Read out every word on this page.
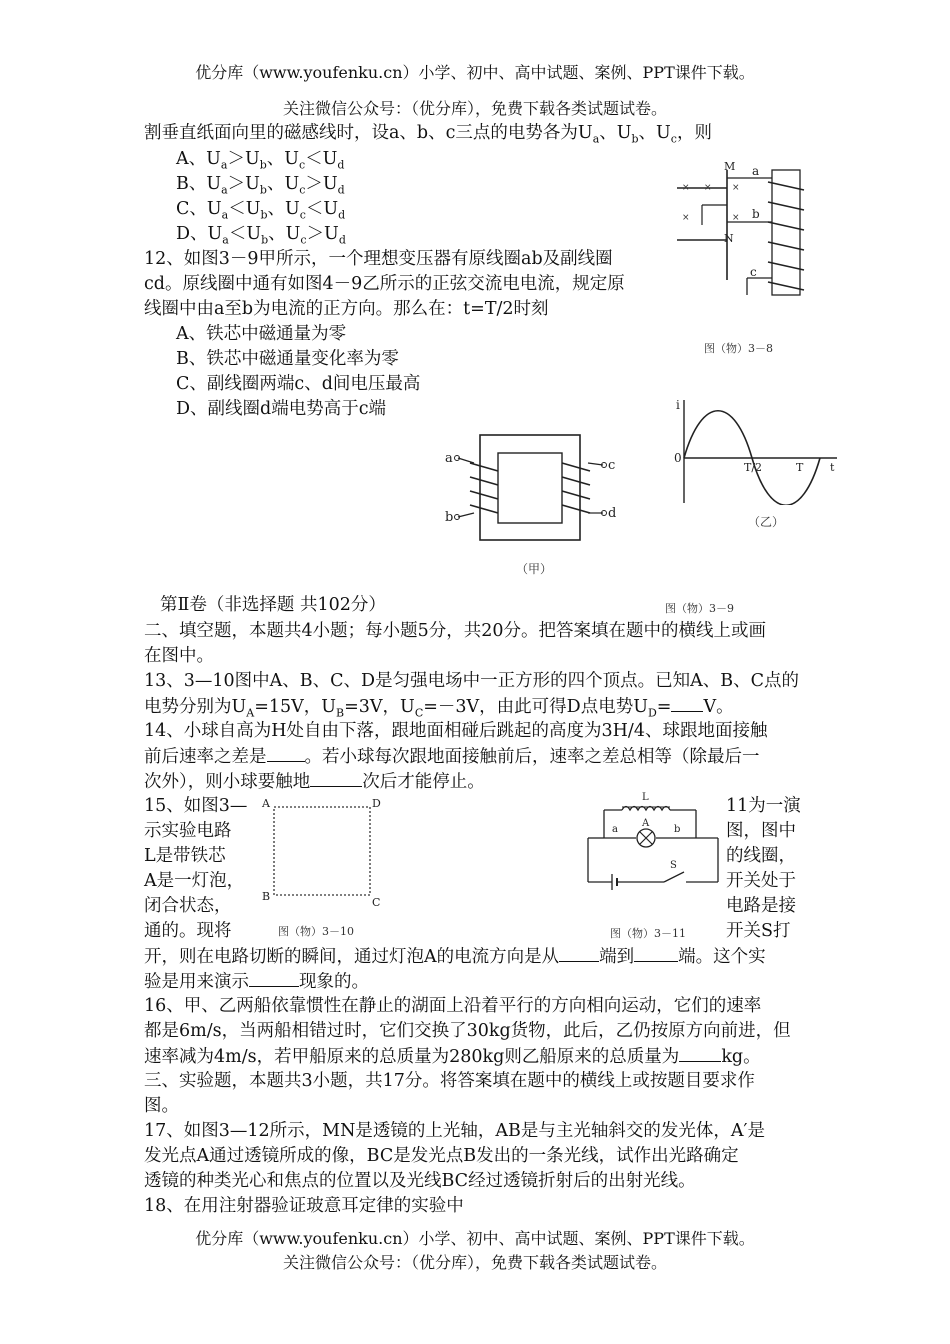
优分库（www.youfenku.cn）小学、初中、高中试题、案例、PPT课件下载。
关注微信公众号：（优分库），免费下载各类试题试卷。
割垂直纸面向里的磁感线时，设a、b、c三点的电势各为$U_a$、$U_b$、$U_c$，则
A、$U_a>U_b$、$U_c<U_d$
B、$U_a>U_b$、$U_c>U_d$
C、$U_a<U_b$、$U_c<U_d$
D、$U_a<U_b$、$U_c>U_d$
× × ×
×	×
M a
b
N
c
图（物）3－8
12、如图3－9甲所示，一个理想变压器有原线圈ab及副线圈
cd。原线圈中通有如图4－9乙所示的正弦交流电电流，规定原
线圈中由a至b为电流的正方向。那么在：t=T/2时刻
A、铁芯中磁通量为零
B、铁芯中磁通量变化率为零
C、副线圈两端c、d间电压最高
D、副线圈d端电势高于c端
a
b
c
d
（甲）
i
0
T/2	T t
（乙）
图（物）3－9
第Ⅱ卷（非选择题 共102分）
二、填空题，本题共4小题；每小题5分，共20分。把答案填在题中的横线上或画
在图中。
13、3—10图中A、B、C、D是匀强电场中一正方形的四个顶点。已知A、B、C点的
电势分别为$U_A=15V$，$U_B=3V$，$U_C=-3V$，由此可得D点电势$U_D= V$。
14、小球自高为H处自由下落，跟地面相碰后跳起的高度为3H/4、球跟地面接触
前后速率之差是 。若小球每次跟地面接触前后，速率之差总相等（除最后一
次外），则小球要触地	次后才能停止。
15、如图3—
示实验电路
L是带铁芯
A是一灯泡，
闭合状态，
通的。现将
11为一演
图，图中
的线圈，
开关处于
电路是接
开关S打
A	D
B	C
图（物）3－10
L
a
A
b
S
图（物）3－11
开，则在电路切断的瞬间，通过灯泡A的电流方向是从 端到	端。这个实
验是用来演示	现象的。
16、甲、乙两船依靠惯性在静止的湖面上沿着平行的方向相向运动，它们的速率
都是6m/s，当两船相错过时，它们交换了30kg货物，此后，乙仍按原方向前进，但
速率减为4m/s，若甲船原来的总质量为280kg则乙船原来的总质量为 kg。
三、实验题，本题共3小题，共17分。将答案填在题中的横线上或按题目要求作
图。
17、如图3—12所示，MN是透镜的上光轴，AB是与主光轴斜交的发光体，A′是
发光点A通过透镜所成的像，BC是发光点B发出的一条光线，试作出光路确定
透镜的种类光心和焦点的位置以及光线BC经过透镜折射后的出射光线。
18、在用注射器验证玻意耳定律的实验中
优分库（www.youfenku.cn）小学、初中、高中试题、案例、PPT课件下载。
关注微信公众号：（优分库），免费下载各类试题试卷。
